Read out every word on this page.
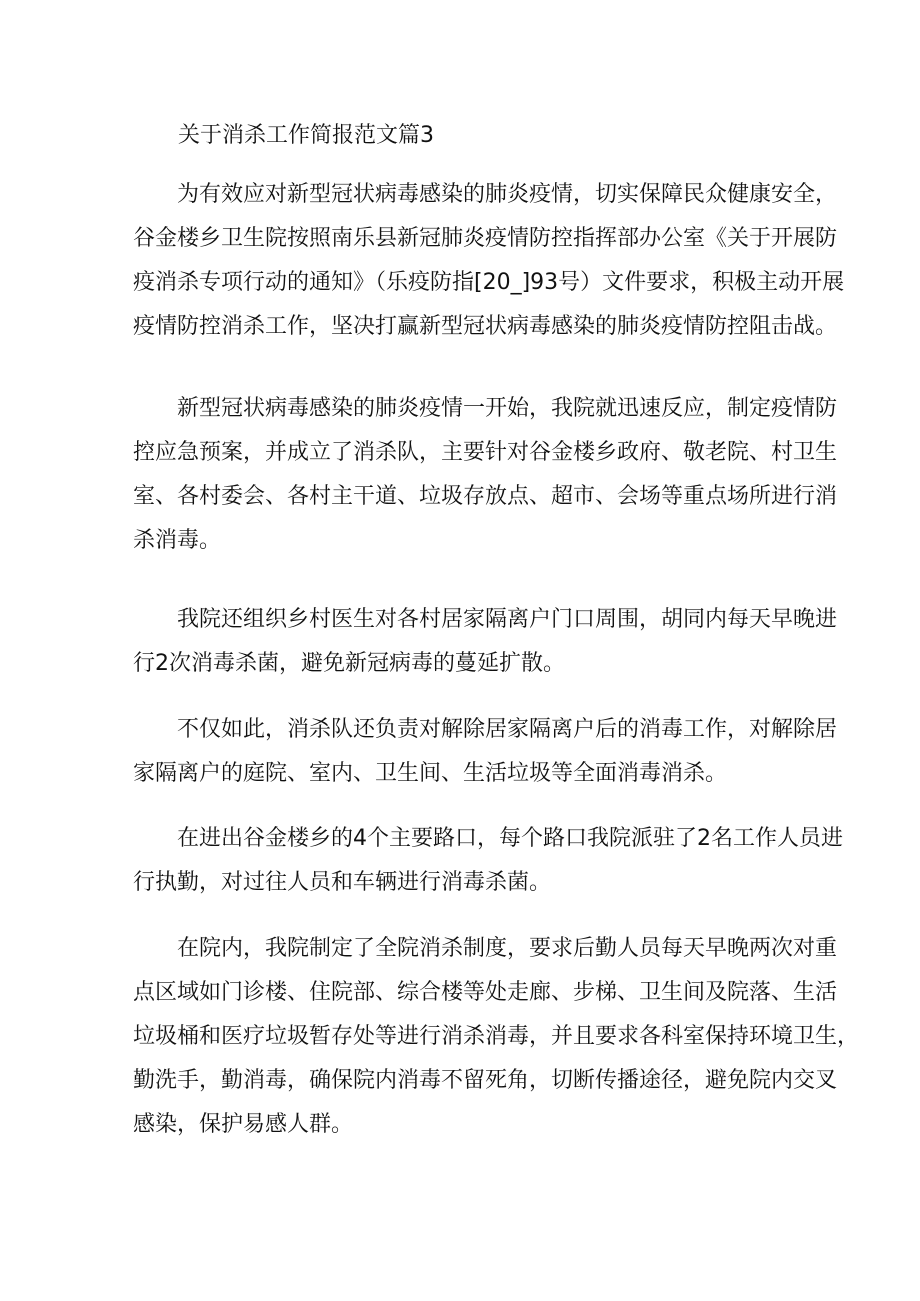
关于消杀工作简报范文篇3

为有效应对新型冠状病毒感染的肺炎疫情，切实保障民众健康安全，
谷金楼乡卫生院按照南乐县新冠肺炎疫情防控指挥部办公室《关于开展防
疫消杀专项行动的通知》（乐疫防指[20_]93号）文件要求，积极主动开展
疫情防控消杀工作，坚决打赢新型冠状病毒感染的肺炎疫情防控阻击战。

新型冠状病毒感染的肺炎疫情一开始，我院就迅速反应，制定疫情防
控应急预案，并成立了消杀队，主要针对谷金楼乡政府、敬老院、村卫生
室、各村委会、各村主干道、垃圾存放点、超市、会场等重点场所进行消
杀消毒。

我院还组织乡村医生对各村居家隔离户门口周围，胡同内每天早晚进
行2次消毒杀菌，避免新冠病毒的蔓延扩散。

不仅如此，消杀队还负责对解除居家隔离户后的消毒工作，对解除居
家隔离户的庭院、室内、卫生间、生活垃圾等全面消毒消杀。

在进出谷金楼乡的4个主要路口，每个路口我院派驻了2名工作人员进
行执勤，对过往人员和车辆进行消毒杀菌。

在院内，我院制定了全院消杀制度，要求后勤人员每天早晚两次对重
点区域如门诊楼、住院部、综合楼等处走廊、步梯、卫生间及院落、生活
垃圾桶和医疗垃圾暂存处等进行消杀消毒，并且要求各科室保持环境卫生，
勤洗手，勤消毒，确保院内消毒不留死角，切断传播途径，避免院内交叉
感染，保护易感人群。
